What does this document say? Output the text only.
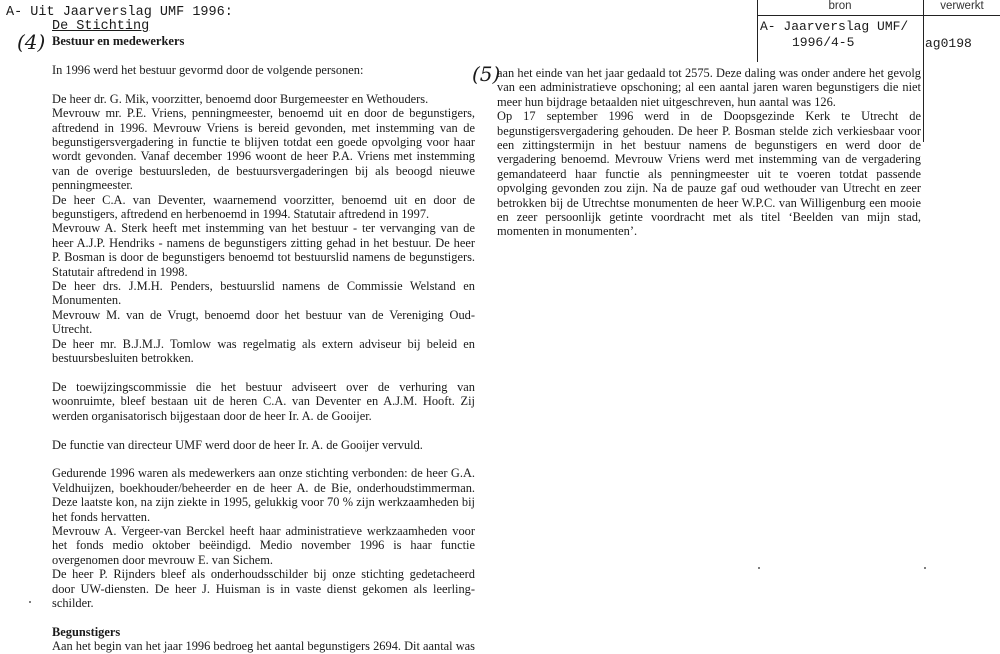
A- Uit Jaarverslag UMF 1996:
De Stichting
(4) Bestuur en medewerkers
(5)
bron	verwerkt
A- Jaarverslag UMF/
1996/4-5	ag0198

In 1996 werd het bestuur gevormd door de volgende personen:

De heer dr. G. Mik, voorzitter, benoemd door Burgemeester en Wethouders.

Mevrouw mr. P.E. Vriens, penningmeester, benoemd uit en door de begunstigers, aftredend in 1996. Mevrouw Vriens is bereid gevonden, met instemming van de begunstigersvergadering in functie te blijven totdat een goede opvolging voor haar wordt gevonden. Vanaf december 1996 woont de heer P.A. Vriens met instemming van de overige bestuursleden, de bestuursvergaderingen bij als beoogd nieuwe penningmeester.

De heer C.A. van Deventer, waarnemend voorzitter, benoemd uit en door de begunstigers, aftredend en herbenoemd in 1994. Statutair aftredend in 1997.

Mevrouw A. Sterk heeft met instemming van het bestuur - ter vervanging van de heer A.J.P. Hendriks - namens de begunstigers zitting gehad in het bestuur. De heer P. Bosman is door de begunstigers benoemd tot bestuurslid namens de begunstigers. Statutair aftredend in 1998.

De heer drs. J.M.H. Penders, bestuurslid namens de Commissie Welstand en Monumenten.

Mevrouw M. van de Vrugt, benoemd door het bestuur van de Vereniging Oud-Utrecht.

De heer mr. B.J.M.J. Tomlow was regelmatig als extern adviseur bij beleid en bestuursbesluiten betrokken.

De toewijzingscommissie die het bestuur adviseert over de verhuring van woonruimte, bleef bestaan uit de heren C.A. van Deventer en A.J.M. Hooft. Zij werden organisatorisch bijgestaan door de heer Ir. A. de Gooijer.

De functie van directeur UMF werd door de heer Ir. A. de Gooijer vervuld.

Gedurende 1996 waren als medewerkers aan onze stichting verbonden: de heer G.A. Veldhuijzen, boekhouder/beheerder en de heer A. de Bie, onderhoudstimmerman. Deze laatste kon, na zijn ziekte in 1995, gelukkig voor 70 % zijn werkzaamheden bij het fonds hervatten.

Mevrouw A. Vergeer-van Berckel heeft haar administratieve werkzaamheden voor het fonds medio oktober beëindigd. Medio november 1996 is haar functie overgenomen door mevrouw E. van Sichem.

De heer P. Rijnders bleef als onderhoudsschilder bij onze stichting gedetacheerd door UW-diensten. De heer J. Huisman is in vaste dienst gekomen als leerling-schilder.

Begunstigers

Aan het begin van het jaar 1996 bedroeg het aantal begunstigers 2694. Dit aantal was

aan het einde van het jaar gedaald tot 2575. Deze daling was onder andere het gevolg van een administratieve opschoning; al een aantal jaren waren begunstigers die niet meer hun bijdrage betaalden niet uitgeschreven, hun aantal was 126.

Op 17 september 1996 werd in de Doopsgezinde Kerk te Utrecht de begunstigersvergadering gehouden. De heer P. Bosman stelde zich verkiesbaar voor een zittingstermijn in het bestuur namens de begunstigers en werd door de vergadering benoemd. Mevrouw Vriens werd met instemming van de vergadering gemandateerd haar functie als penningmeester uit te voeren totdat passende opvolging gevonden zou zijn. Na de pauze gaf oud wethouder van Utrecht en zeer betrokken bij de Utrechtse monumenten de heer W.P.C. van Willigenburg een mooie en zeer persoonlijk getinte voordracht met als titel ‘Beelden van mijn stad, momenten in monumenten’.
